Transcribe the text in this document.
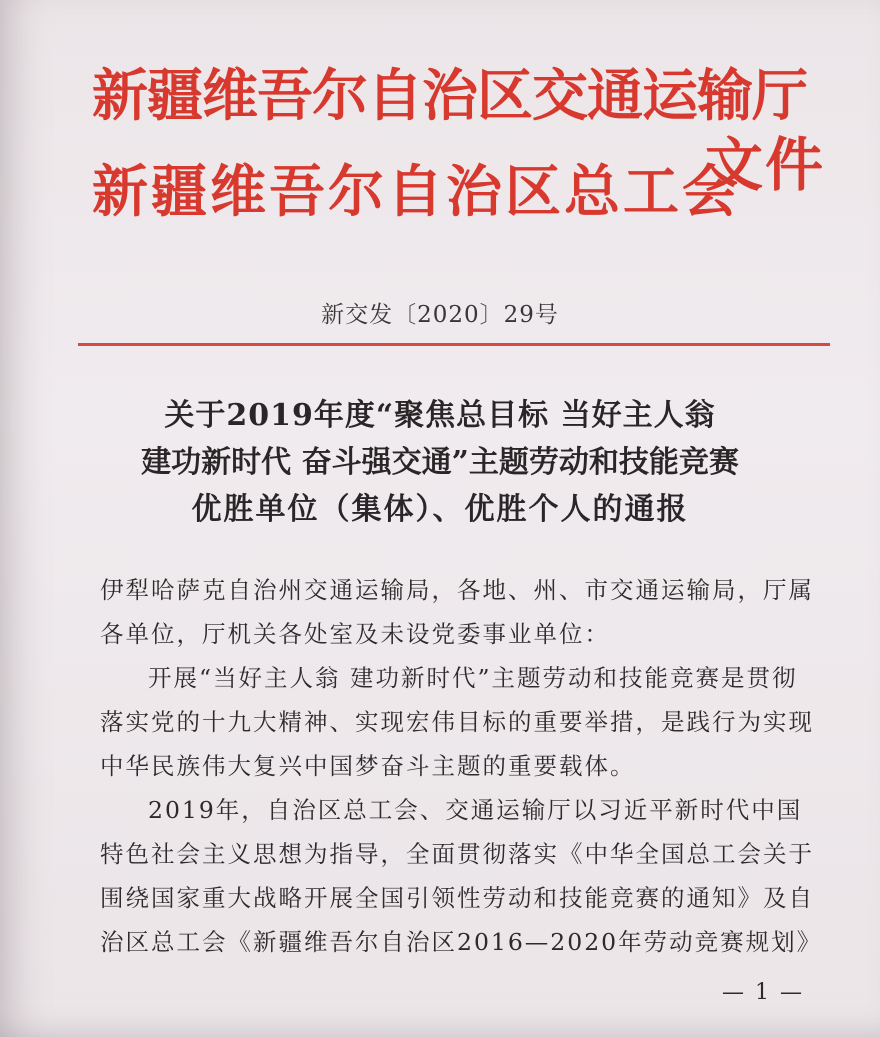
新疆维吾尔自治区交通运输厅
新疆维吾尔自治区总工会
文件
新交发〔2020〕29号
关于2019年度“聚焦总目标 当好主人翁
建功新时代 奋斗强交通”主题劳动和技能竞赛
优胜单位（集体）、优胜个人的通报
伊犁哈萨克自治州交通运输局，各地、州、市交通运输局，厅属
各单位，厅机关各处室及未设党委事业单位：
开展“当好主人翁 建功新时代”主题劳动和技能竞赛是贯彻
落实党的十九大精神、实现宏伟目标的重要举措，是践行为实现
中华民族伟大复兴中国梦奋斗主题的重要载体。
2019年，自治区总工会、交通运输厅以习近平新时代中国
特色社会主义思想为指导，全面贯彻落实《中华全国总工会关于
围绕国家重大战略开展全国引领性劳动和技能竞赛的通知》及自
治区总工会《新疆维吾尔自治区2016—2020年劳动竞赛规划》
— 1 —
